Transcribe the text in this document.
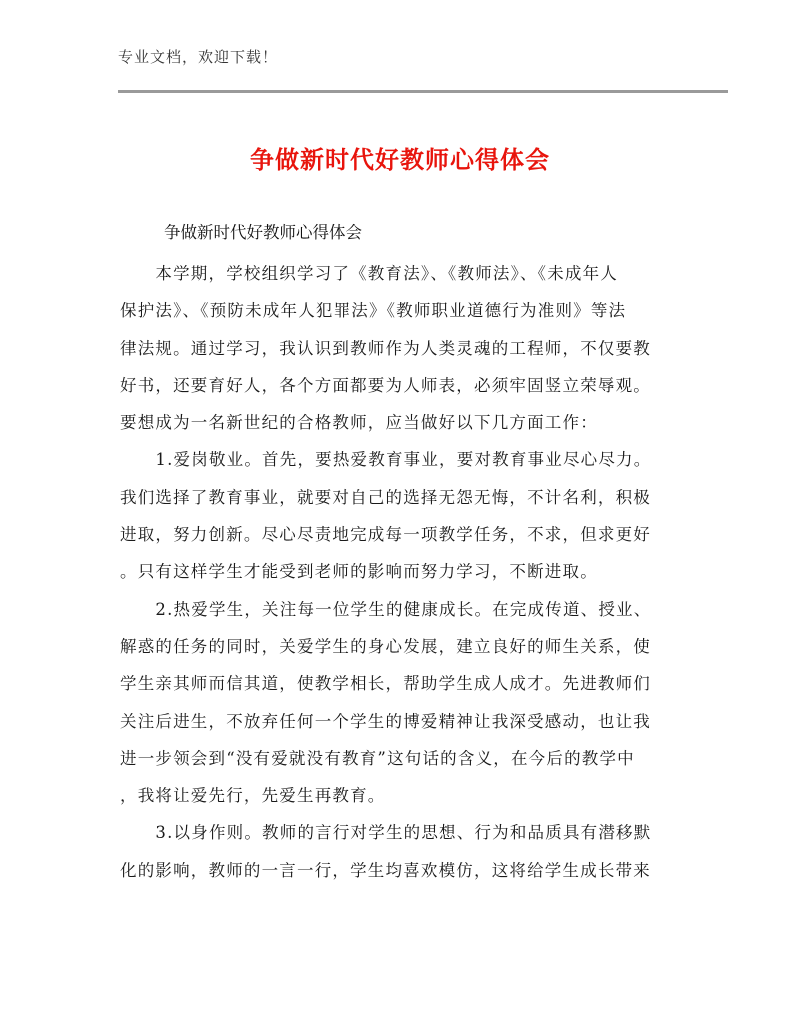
专业文档，欢迎下载！
争做新时代好教师心得体会
争做新时代好教师心得体会
　　本学期，学校组织学习了《教育法》、《教师法》、《未成年人
保护法》、《预防未成年人犯罪法》《教师职业道德行为准则》等法
律法规。通过学习，我认识到教师作为人类灵魂的工程师，不仅要教
好书，还要育好人，各个方面都要为人师表，必须牢固竖立荣辱观。
要想成为一名新世纪的合格教师，应当做好以下几方面工作：
　　1.爱岗敬业。首先，要热爱教育事业，要对教育事业尽心尽力。
我们选择了教育事业，就要对自己的选择无怨无悔，不计名利，积极
进取，努力创新。尽心尽责地完成每一项教学任务，不求，但求更好
。只有这样学生才能受到老师的影响而努力学习，不断进取。
　　2.热爱学生，关注每一位学生的健康成长。在完成传道、授业、
解惑的任务的同时，关爱学生的身心发展，建立良好的师生关系，使
学生亲其师而信其道，使教学相长，帮助学生成人成才。先进教师们
关注后进生，不放弃任何一个学生的博爱精神让我深受感动，也让我
进一步领会到“没有爱就没有教育”这句话的含义，在今后的教学中
，我将让爱先行，先爱生再教育。
　　3.以身作则。教师的言行对学生的思想、行为和品质具有潜移默
化的影响，教师的一言一行，学生均喜欢模仿，这将给学生成长带来
